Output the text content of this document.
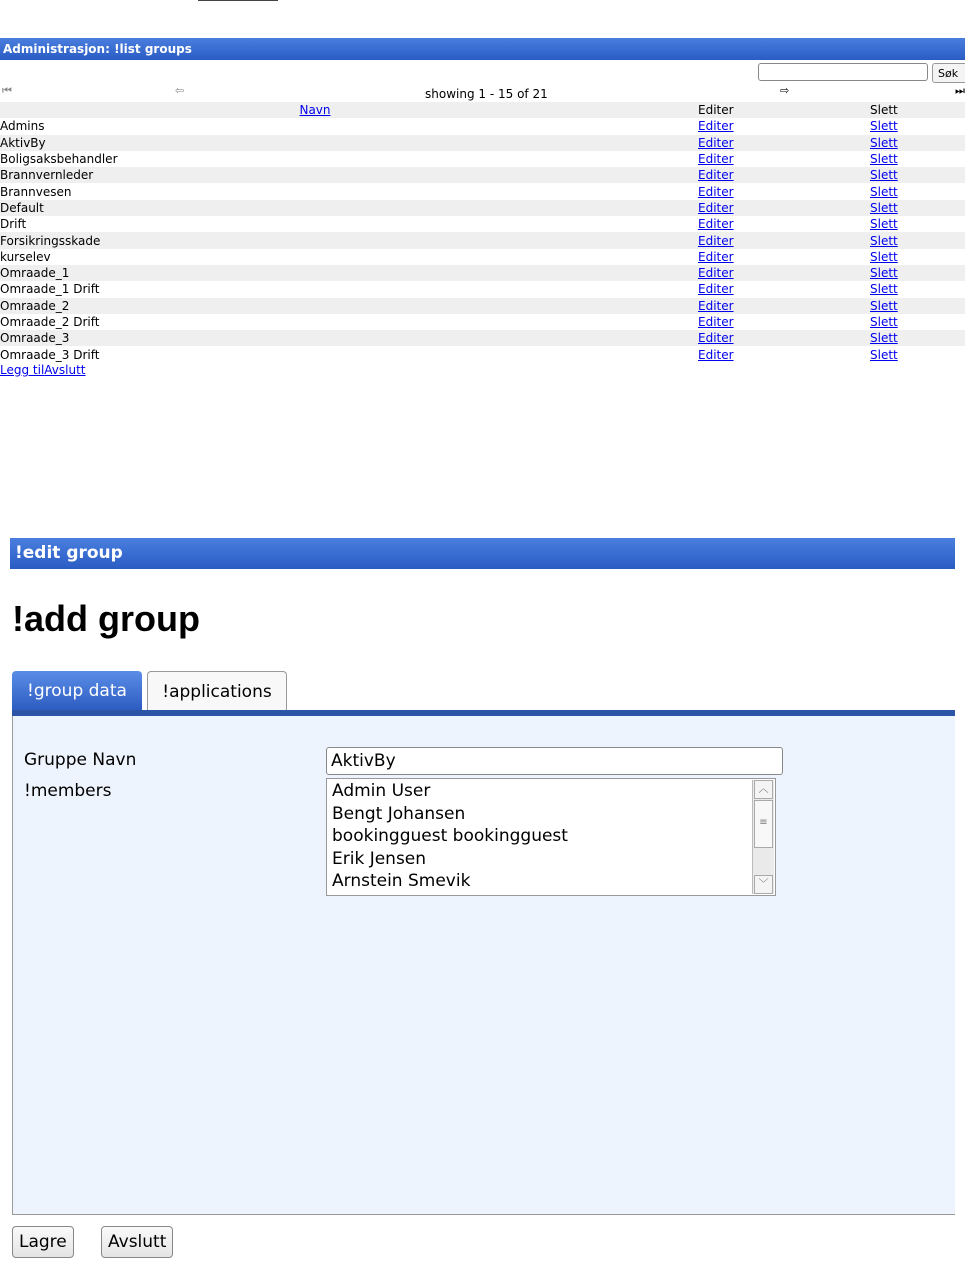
Administrasjon: !list groups
Søk
⏮	⇦	showing 1 - 15 of 21	⇨	⏭
Navn	Editer	Slett
Admins	Editer	Slett
AktivBy	Editer	Slett
Boligsaksbehandler	Editer	Slett
Brannvernleder	Editer	Slett
Brannvesen	Editer	Slett
Default	Editer	Slett
Drift	Editer	Slett
Forsikringsskade	Editer	Slett
kurselev	Editer	Slett
Omraade_1	Editer	Slett
Omraade_1 Drift	Editer	Slett
Omraade_2	Editer	Slett
Omraade_2 Drift	Editer	Slett
Omraade_3	Editer	Slett
Omraade_3 Drift	Editer	Slett
Legg tilAvslutt
!edit group
!add group
!group data	!applications
Gruppe Navn	AktivBy
!members	Admin User
Bengt Johansen
bookingguest bookingguest
Erik Jensen
Arnstein Smevik
︿
≡
﹀
Lagre	Avslutt
